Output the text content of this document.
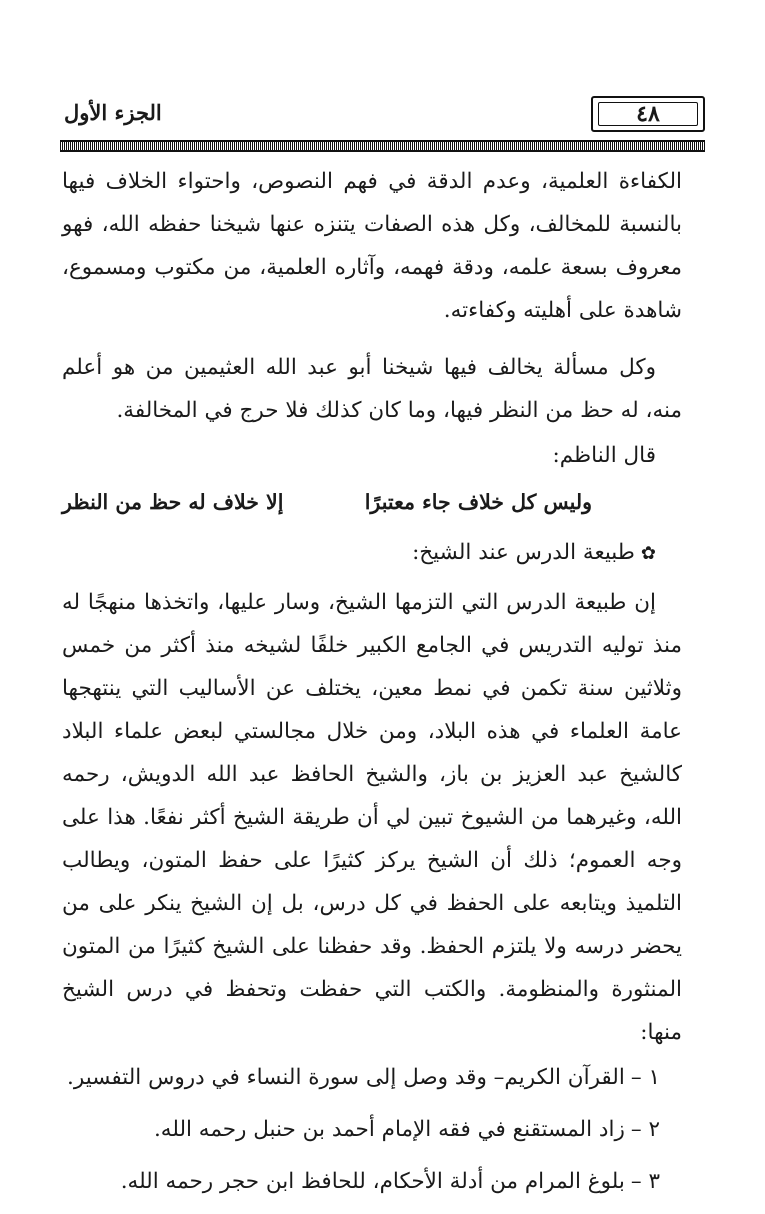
٤٨
الجزء الأول

الكفاءة العلمية، وعدم الدقة في فهم النصوص، واحتواء الخلاف فيها بالنسبة للمخالف، وكل هذه الصفات يتنزه عنها شيخنا حفظه الله، فهو معروف بسعة علمه، ودقة فهمه، وآثاره العلمية، من مكتوب ومسموع، شاهدة على أهليته وكفاءته.

وكل مسألة يخالف فيها شيخنا أبو عبد الله العثيمين من هو أعلم منه، له حظ من النظر فيها، وما كان كذلك فلا حرج في المخالفة.

قال الناظم:

وليس كل خلاف جاء معتبرًا
إلا خلاف له حظ من النظر

✿طبيعة الدرس عند الشيخ:

إن طبيعة الدرس التي التزمها الشيخ، وسار عليها، واتخذها منهجًا له منذ توليه التدريس في الجامع الكبير خلفًا لشيخه منذ أكثر من خمس وثلاثين سنة تكمن في نمط معين، يختلف عن الأساليب التي ينتهجها عامة العلماء في هذه البلاد، ومن خلال مجالستي لبعض علماء البلاد كالشيخ عبد العزيز بن باز، والشيخ الحافظ عبد الله الدويش، رحمه الله، وغيرهما من الشيوخ تبين لي أن طريقة الشيخ أكثر نفعًا. هذا على وجه العموم؛ ذلك أن الشيخ يركز كثيرًا على حفظ المتون، ويطالب التلميذ ويتابعه على الحفظ في كل درس، بل إن الشيخ ينكر على من يحضر درسه ولا يلتزم الحفظ. وقد حفظنا على الشيخ كثيرًا من المتون المنثورة والمنظومة. والكتب التي حفظت وتحفظ في درس الشيخ منها:

١ –القرآن الكريم– وقد وصل إلى سورة النساء في دروس التفسير.
٢ –زاد المستقنع في فقه الإمام أحمد بن حنبل رحمه الله.
٣ –بلوغ المرام من أدلة الأحكام، للحافظ ابن حجر رحمه الله.
